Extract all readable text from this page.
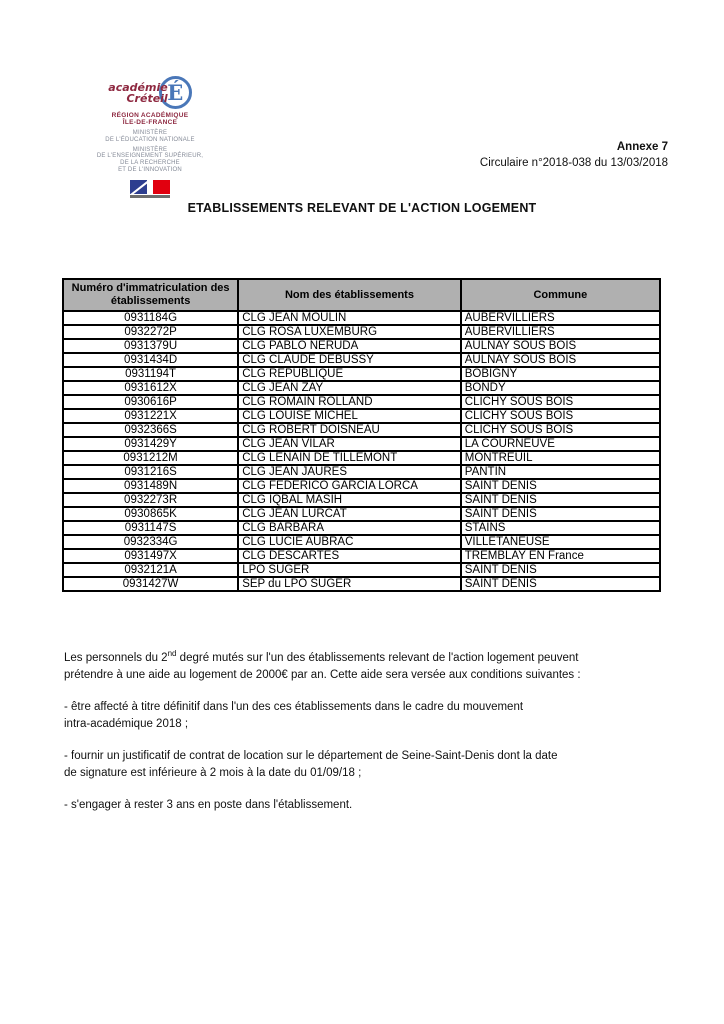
académie
Créteil É
RÉGION ACADÉMIQUE
ÎLE-DE-FRANCE
MINISTÈRE
DE L'ÉDUCATION NATIONALE
MINISTÈRE
DE L'ENSEIGNEMENT SUPÉRIEUR,
DE LA RECHERCHE
ET DE L'INNOVATION
Annexe 7
Circulaire n°2018-038 du 13/03/2018
ETABLISSEMENTS RELEVANT DE L'ACTION LOGEMENT
Numéro d'immatriculation des établissements	Nom des établissements	Commune
0931184G	CLG JEAN MOULIN	AUBERVILLIERS
0932272P	CLG ROSA LUXEMBURG	AUBERVILLIERS
0931379U	CLG PABLO NERUDA	AULNAY SOUS BOIS
0931434D	CLG CLAUDE DEBUSSY	AULNAY SOUS BOIS
0931194T	CLG REPUBLIQUE	BOBIGNY
0931612X	CLG JEAN ZAY	BONDY
0930616P	CLG ROMAIN ROLLAND	CLICHY SOUS BOIS
0931221X	CLG LOUISE MICHEL	CLICHY SOUS BOIS
0932366S	CLG ROBERT DOISNEAU	CLICHY SOUS BOIS
0931429Y	CLG JEAN VILAR	LA COURNEUVE
0931212M	CLG LENAIN DE TILLEMONT	MONTREUIL
0931216S	CLG JEAN JAURES	PANTIN
0931489N	CLG FEDERICO GARCIA LORCA	SAINT DENIS
0932273R	CLG IQBAL MASIH	SAINT DENIS
0930865K	CLG JEAN LURCAT	SAINT DENIS
0931147S	CLG BARBARA	STAINS
0932334G	CLG LUCIE AUBRAC	VILLETANEUSE
0931497X	CLG DESCARTES	TREMBLAY EN France
0932121A	LPO SUGER	SAINT DENIS
0931427W	SEP du LPO SUGER	SAINT DENIS
Les personnels du 2nd degré mutés sur l'un des établissements relevant de l'action logement peuvent
prétendre à une aide au logement de 2000€ par an. Cette aide sera versée aux conditions suivantes :
- être affecté à titre définitif dans l'un des ces établissements dans le cadre du mouvement
intra-académique 2018 ;
- fournir un justificatif de contrat de location sur le département de Seine-Saint-Denis dont la date
de signature est inférieure à 2 mois à la date du 01/09/18 ;
- s'engager à rester 3 ans en poste dans l'établissement.
